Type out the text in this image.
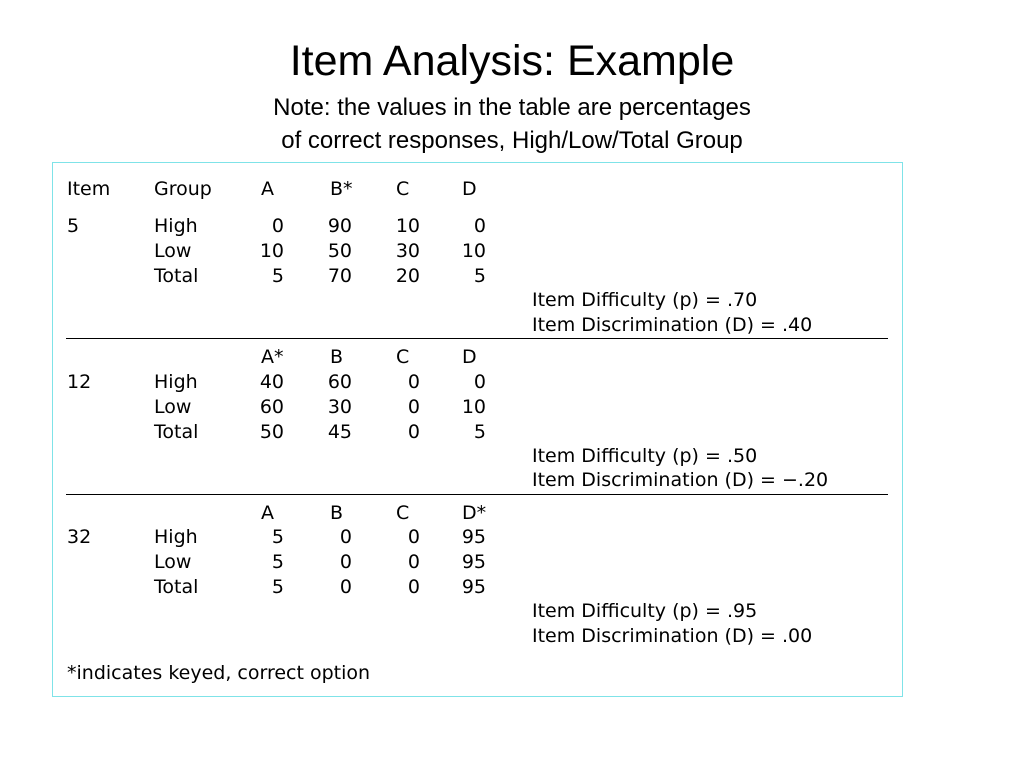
Item Analysis: Example
Note: the values in the table are percentages
of correct responses, High/Low/Total Group
Item Group	A	B* C	D
5	High	0	90	10	0
Low	10	50	30	10
Total	5	70	20	5
Item Difficulty (p) = .70
Item Discrimination (D) = .40
A* B	C	D
12	High	40	60	0	0
Low	60	30	0	10
Total	50	45	0	5
Item Difficulty (p) = .50
Item Discrimination (D) = −.20
A	B	C	D*
32	High	5	0	0	95
Low	5	0	0	95
Total	5	0	0	95
Item Difficulty (p) = .95
Item Discrimination (D) = .00
*indicates keyed, correct option
